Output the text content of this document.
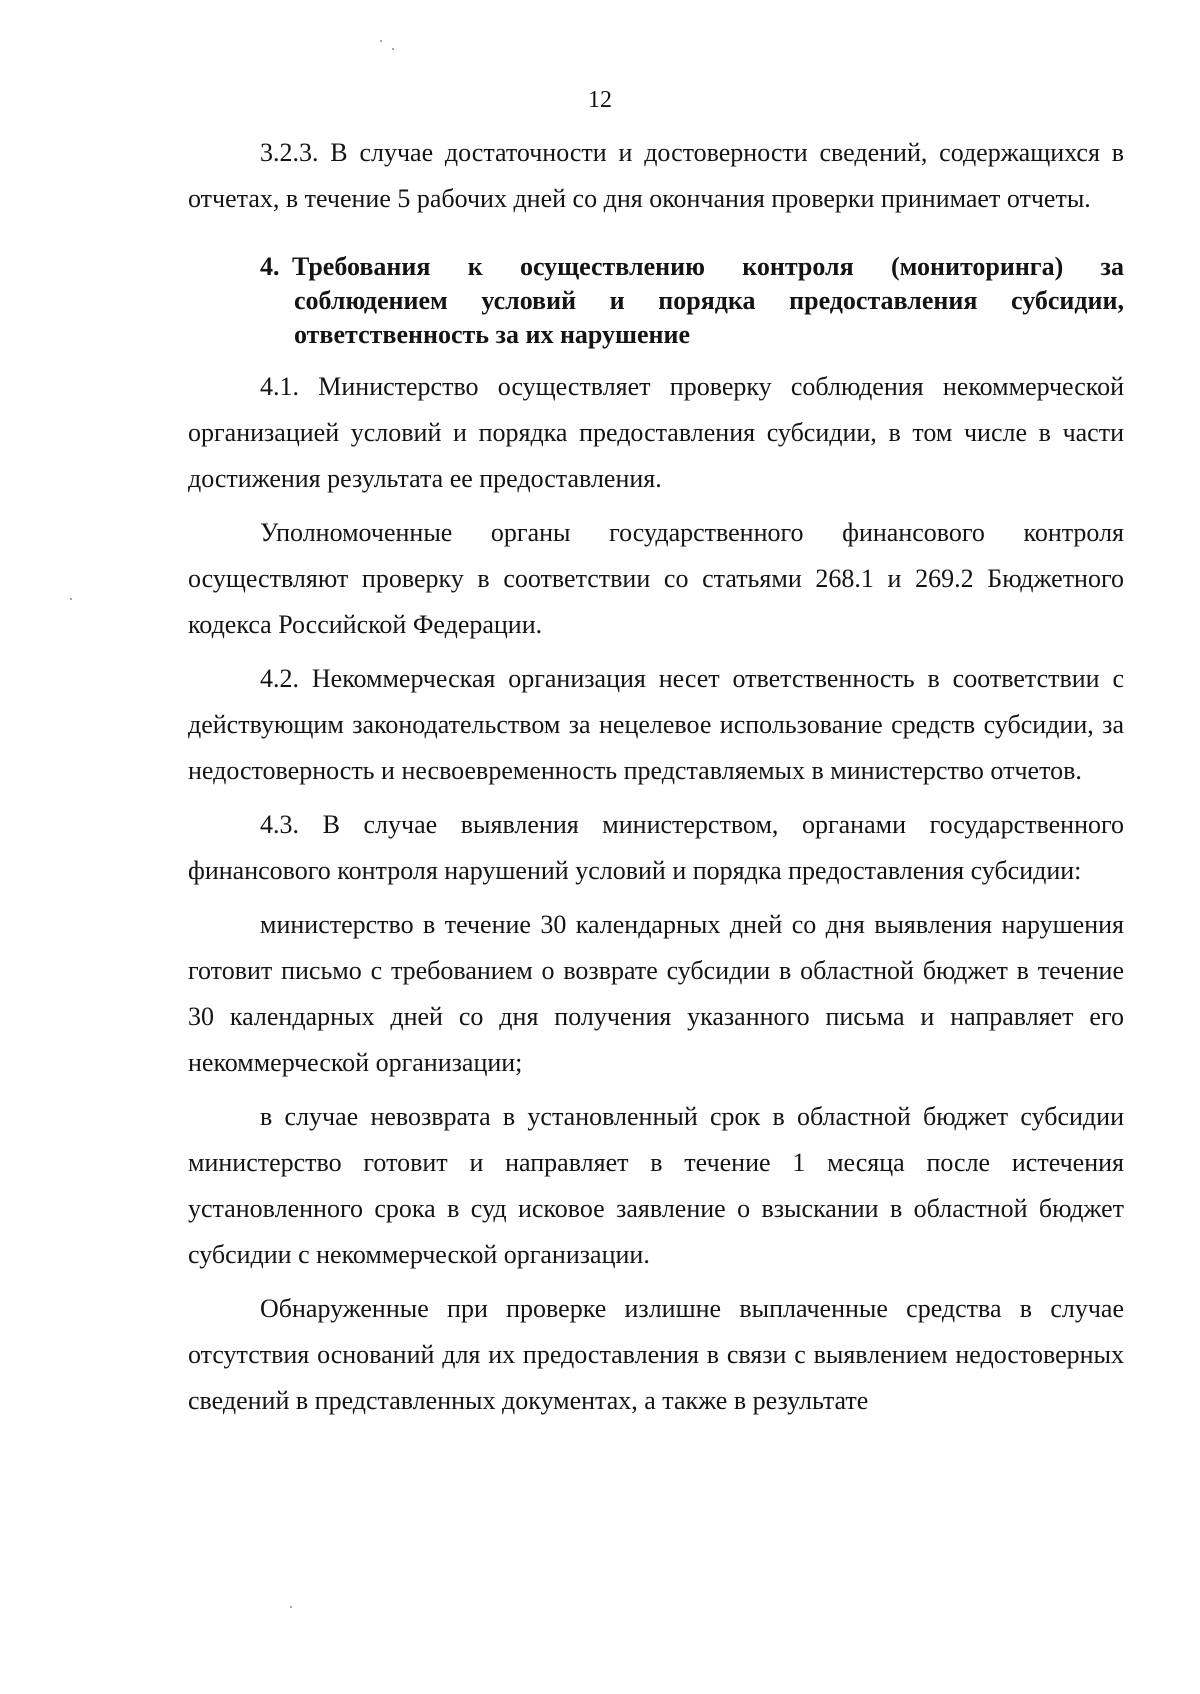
12

3.2.3. В случае достаточности и достоверности сведений, содержащихся в отчетах, в течение 5 рабочих дней со дня окончания проверки принимает отчеты.

4. Требования к осуществлению контроля (мониторинга) за соблюдением условий и порядка предоставления субсидии, ответственность за их нарушение

4.1. Министерство осуществляет проверку соблюдения некоммерческой организацией условий и порядка предоставления субсидии, в том числе в части достижения результата ее предоставления.

Уполномоченные органы государственного финансового контроля осуществляют проверку в соответствии со статьями 268.1 и 269.2 Бюджетного кодекса Российской Федерации.

4.2. Некоммерческая организация несет ответственность в соответствии с действующим законодательством за нецелевое использование средств субсидии, за недостоверность и несвоевременность представляемых в министерство отчетов.

4.3. В случае выявления министерством, органами государственного финансового контроля нарушений условий и порядка предоставления субсидии:

министерство в течение 30 календарных дней со дня выявления нарушения готовит письмо с требованием о возврате субсидии в областной бюджет в течение 30 календарных дней со дня получения указанного письма и направляет его некоммерческой организации;

в случае невозврата в установленный срок в областной бюджет субсидии министерство готовит и направляет в течение 1 месяца после истечения установленного срока в суд исковое заявление о взыскании в областной бюджет субсидии с некоммерческой организации.

Обнаруженные при проверке излишне выплаченные средства в случае отсутствия оснований для их предоставления в связи с выявлением недостоверных сведений в представленных документах, а также в результате
